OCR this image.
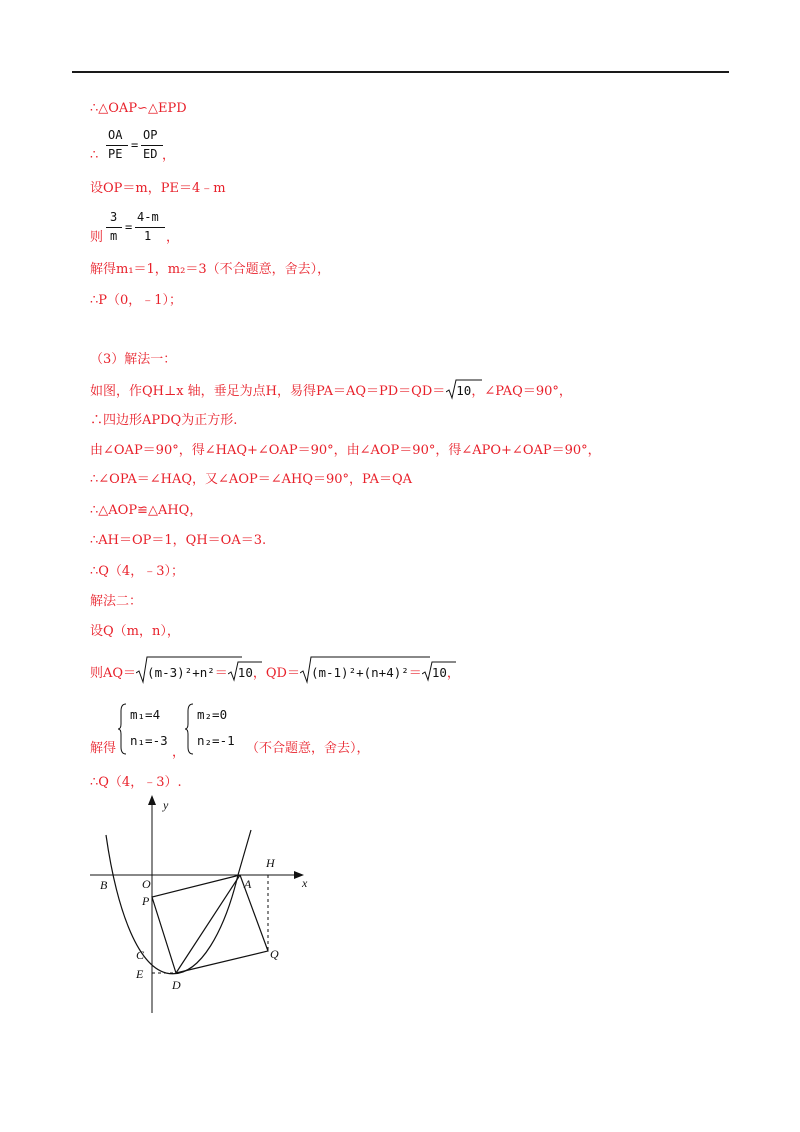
∴△OAP∽△EPD
OA
PE
=
OP
ED
∴	，
设OP＝m，PE＝4﹣m
3
m
=
4-m
1
则	，
解得m₁＝1，m₂＝3（不合题意，舍去），
∴P（0，﹣1）；
（3）解法一：
如图，作QH⊥x 轴，垂足为点H，易得PA＝AQ＝PD＝QD＝ 10，∠PAQ＝90°，
∴四边形APDQ为正方形.
由∠OAP＝90°，得∠HAQ+∠OAP＝90°，由∠AOP＝90°，得∠APO+∠OAP＝90°，
∴∠OPA＝∠HAQ，又∠AOP＝∠AHQ＝90°，PA＝QA
∴△AOP≌△AHQ，
∴AH＝OP＝1，QH＝OA＝3.
∴Q（4，﹣3）；
解法二：
设Q（m，n），
则AQ＝ (m-3)²+n²＝ 10，QD＝ (m-1)²+(n+4)²＝ 10，
解得
m₁=4
n₁=-3
，
m₂=0
n₂=-1
（不合题意，舍去），
∴Q（4，﹣3）.
y
x
H
B	O	A
P
C
E
D
Q
